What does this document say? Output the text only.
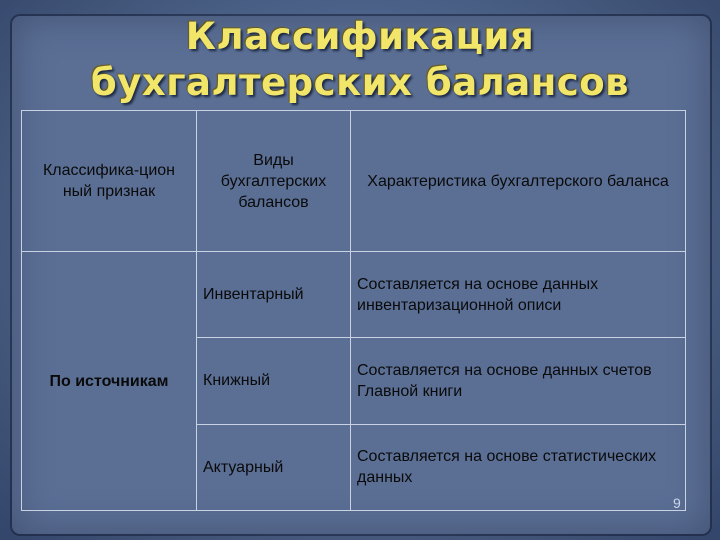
Классификация бухгалтерских балансов
Классифика-цион ный признак	Виды бухгалтерских балансов	Характеристика бухгалтерского баланса
По источникам	Инвентарный	Составляется на основе данных инвентаризационной описи
	Книжный	Составляется на основе данных счетов Главной книги
	Актуарный	Составляется на основе статистических данных
9
